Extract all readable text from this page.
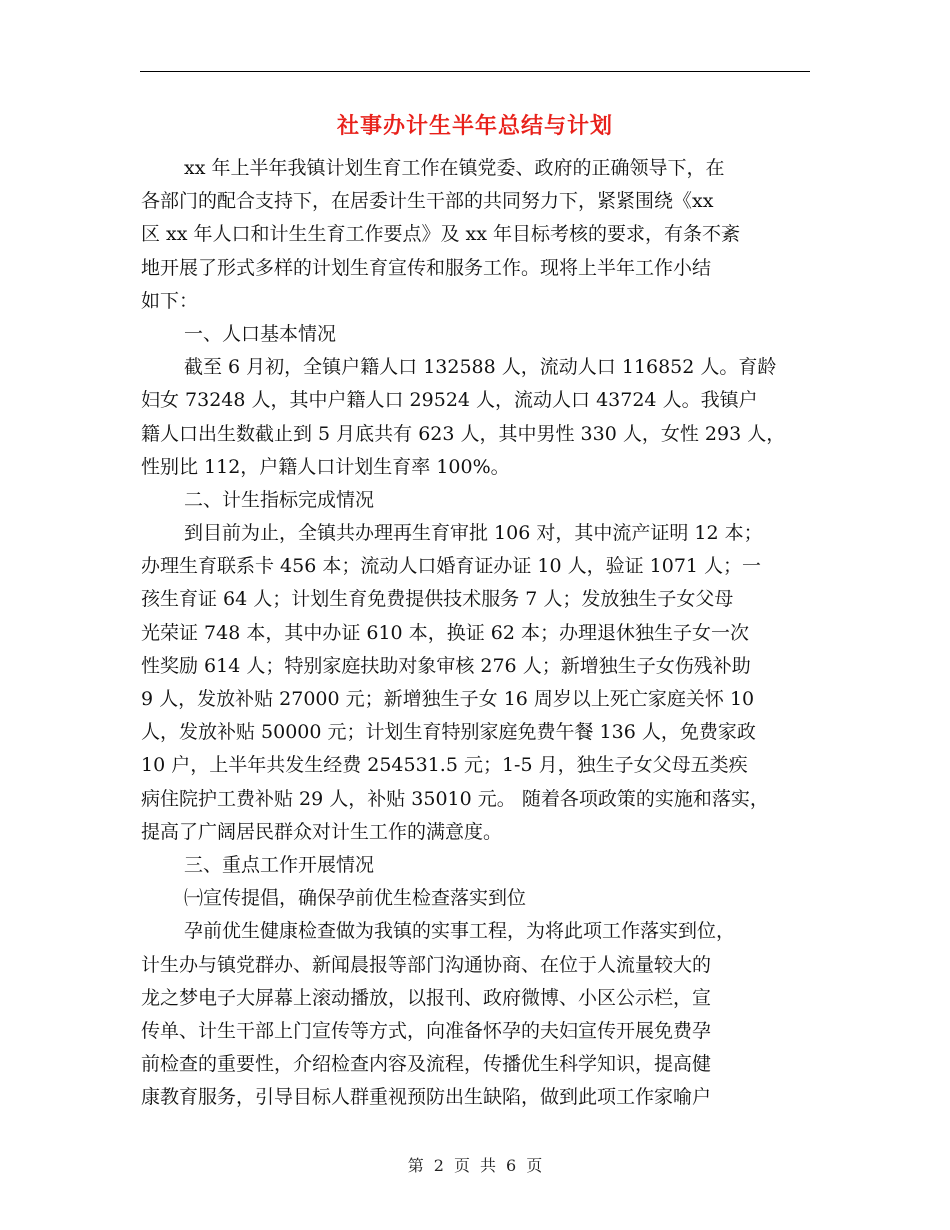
社事办计生半年总结与计划
xx 年上半年我镇计划生育工作在镇党委、政府的正确领导下，在
各部门的配合支持下，在居委计生干部的共同努力下，紧紧围绕《xx
区 xx 年人口和计生生育工作要点》及 xx 年目标考核的要求，有条不紊
地开展了形式多样的计划生育宣传和服务工作。现将上半年工作小结
如下：
一、人口基本情况
截至 6 月初，全镇户籍人口 132588 人，流动人口 116852 人。育龄
妇女 73248 人，其中户籍人口 29524 人，流动人口 43724 人。我镇户
籍人口出生数截止到 5 月底共有 623 人，其中男性 330 人，女性 293 人，
性别比 112，户籍人口计划生育率 100%。
二、计生指标完成情况
到目前为止，全镇共办理再生育审批 106 对，其中流产证明 12 本；
办理生育联系卡 456 本；流动人口婚育证办证 10 人，验证 1071 人；一
孩生育证 64 人；计划生育免费提供技术服务 7 人；发放独生子女父母
光荣证 748 本，其中办证 610 本，换证 62 本；办理退休独生子女一次
性奖励 614 人；特别家庭扶助对象审核 276 人；新增独生子女伤残补助
9 人，发放补贴 27000 元；新增独生子女 16 周岁以上死亡家庭关怀 10
人，发放补贴 50000 元；计划生育特别家庭免费午餐 136 人，免费家政
10 户，上半年共发生经费 254531.5 元；1-5 月，独生子女父母五类疾
病住院护工费补贴 29 人，补贴 35010 元。 随着各项政策的实施和落实，
提高了广阔居民群众对计生工作的满意度。
三、重点工作开展情况
㈠宣传提倡，确保孕前优生检查落实到位
孕前优生健康检查做为我镇的实事工程，为将此项工作落实到位，
计生办与镇党群办、新闻晨报等部门沟通协商、在位于人流量较大的
龙之梦电子大屏幕上滚动播放，以报刊、政府微博、小区公示栏，宣
传单、计生干部上门宣传等方式，向准备怀孕的夫妇宣传开展免费孕
前检查的重要性，介绍检查内容及流程，传播优生科学知识，提高健
康教育服务，引导目标人群重视预防出生缺陷，做到此项工作家喻户
第 2 页 共 6 页
